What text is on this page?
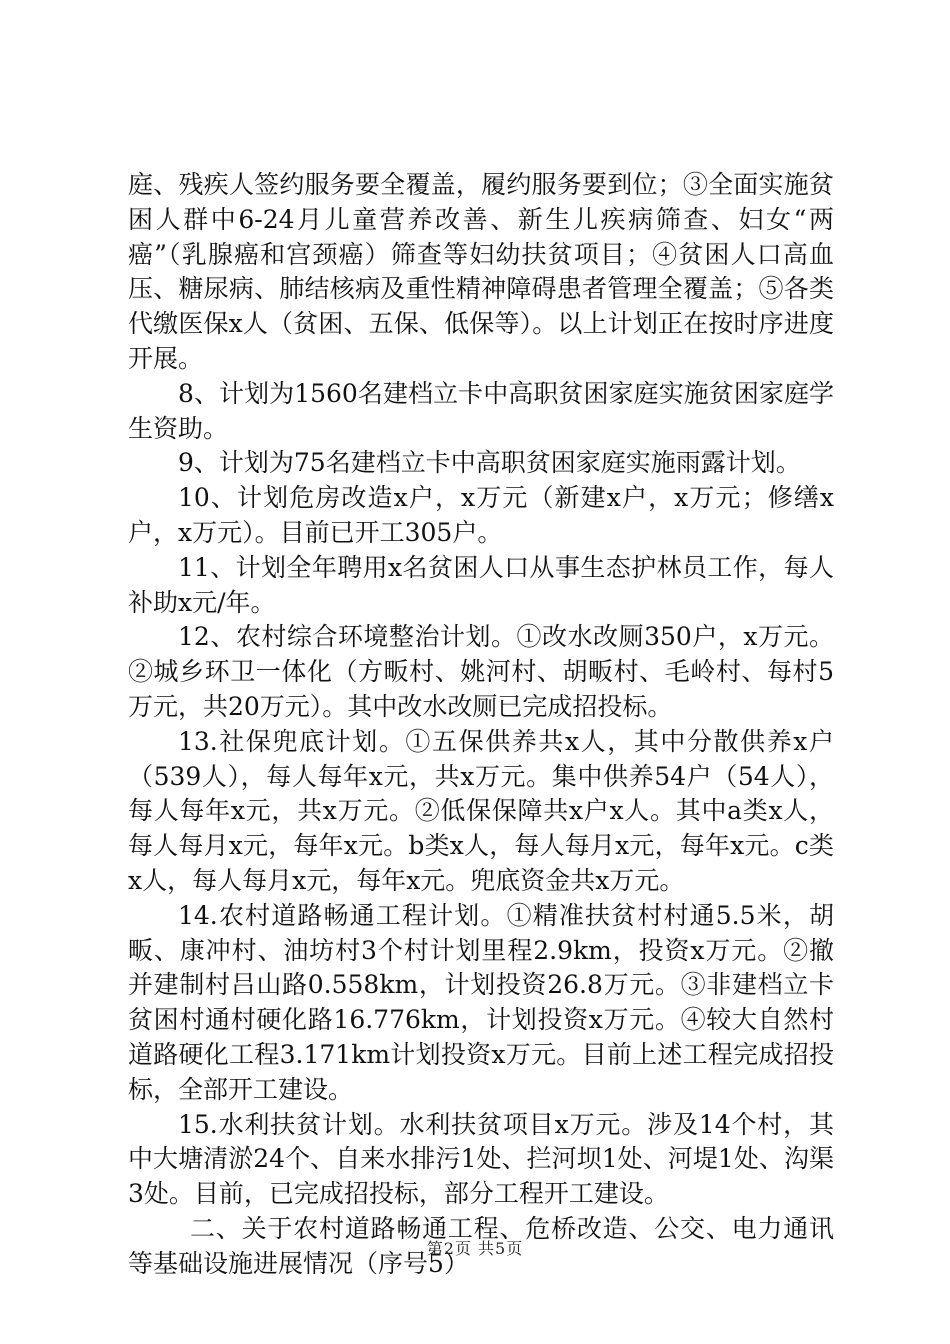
庭、残疾人签约服务要全覆盖，履约服务要到位；③全面实施贫困人群中6-24月儿童营养改善、新生儿疾病筛查、妇女“两癌”（乳腺癌和宫颈癌）筛查等妇幼扶贫项目；④贫困人口高血压、糖尿病、肺结核病及重性精神障碍患者管理全覆盖；⑤各类代缴医保x人（贫困、五保、低保等）。以上计划正在按时序进度开展。

8、计划为1560名建档立卡中高职贫困家庭实施贫困家庭学生资助。

9、计划为75名建档立卡中高职贫困家庭实施雨露计划。

10、计划危房改造x户，x万元（新建x户，x万元；修缮x户，x万元）。目前已开工305户。

11、计划全年聘用x名贫困人口从事生态护林员工作，每人补助x元/年。

12、农村综合环境整治计划。①改水改厕350户，x万元。②城乡环卫一体化（方畈村、姚河村、胡畈村、毛岭村、每村5万元，共20万元）。其中改水改厕已完成招投标。

13.社保兜底计划。①五保供养共x人，其中分散供养x户（539人），每人每年x元，共x万元。集中供养54户（54人），每人每年x元，共x万元。②低保保障共x户x人。其中a类x人，每人每月x元，每年x元。b类x人，每人每月x元，每年x元。c类x人，每人每月x元，每年x元。兜底资金共x万元。

14.农村道路畅通工程计划。①精准扶贫村村通5.5米，胡畈、康冲村、油坊村3个村计划里程2.9km，投资x万元。②撤并建制村吕山路0.558km，计划投资26.8万元。③非建档立卡贫困村通村硬化路16.776km，计划投资x万元。④较大自然村道路硬化工程3.171km计划投资x万元。目前上述工程完成招投标，全部开工建设。

15.水利扶贫计划。水利扶贫项目x万元。涉及14个村，其中大塘清淤24个、自来水排污1处、拦河坝1处、河堤1处、沟渠3处。目前，已完成招投标，部分工程开工建设。

二、关于农村道路畅通工程、危桥改造、公交、电力通讯等基础设施进展情况（序号5）

第2页 共5页
